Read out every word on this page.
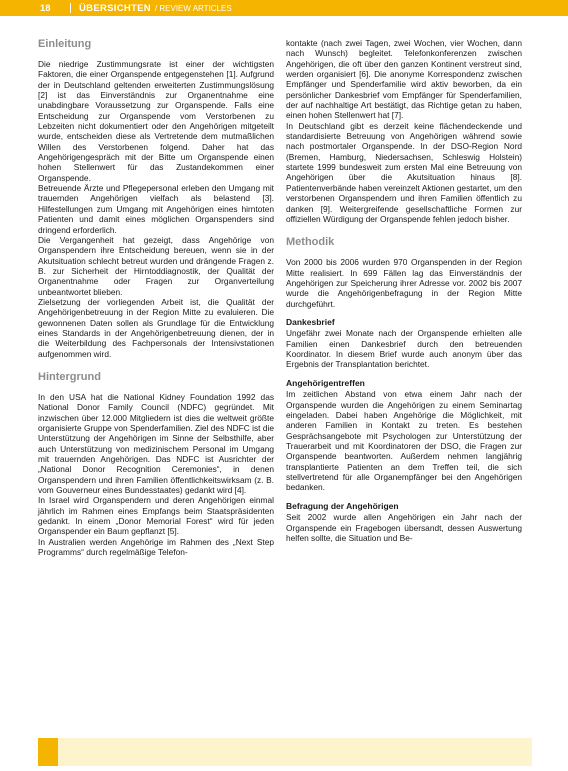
18	ÜBERSICHTEN / REVIEW ARTICLES
Einleitung

Die niedrige Zustimmungsrate ist einer der wichtigsten Faktoren, die einer Organspende entgegenstehen [1]. Aufgrund der in Deutschland geltenden erweiterten Zustimmungslösung [2] ist das Einverständnis zur Organentnahme eine unabdingbare Voraussetzung zur Organspende. Falls eine Entscheidung zur Organspende vom Verstorbenen zu Lebzeiten nicht dokumentiert oder den Angehörigen mitgeteilt wurde, entscheiden diese als Vertretende dem mutmaßlichen Willen des Verstorbenen folgend. Daher hat das Angehörigengespräch mit der Bitte um Organspende einen hohen Stellenwert für das Zustandekommen einer Organspende.

Betreuende Ärzte und Pflegepersonal erleben den Umgang mit trauernden Angehörigen vielfach als belastend [3]. Hilfestellungen zum Umgang mit Angehörigen eines hirntoten Patienten und damit eines möglichen Organspenders sind dringend erforderlich.

Die Vergangenheit hat gezeigt, dass Angehörige von Organspendern ihre Entscheidung bereuen, wenn sie in der Akutsituation schlecht betreut wurden und drängende Fragen z. B. zur Sicherheit der Hirntoddiagnostik, der Qualität der Organentnahme oder Fragen zur Organverteilung unbeantwortet blieben.

Zielsetzung der vorliegenden Arbeit ist, die Qualität der Angehörigenbetreuung in der Region Mitte zu evaluieren. Die gewonnenen Daten sollen als Grundlage für die Entwicklung eines Standards in der Angehörigenbetreuung dienen, der in die Weiterbildung des Fachpersonals der Intensivstationen aufgenommen wird.

Hintergrund

In den USA hat die National Kidney Foundation 1992 das National Donor Family Council (NDFC) gegründet. Mit inzwischen über 12.000 Mitgliedern ist dies die weltweit größte organisierte Gruppe von Spenderfamilien. Ziel des NDFC ist die Unterstützung der Angehörigen im Sinne der Selbsthilfe, aber auch Unterstützung von medizinischem Personal im Umgang mit trauernden Angehörigen. Das NDFC ist Ausrichter der „National Donor Recognition Ceremonies“, in denen Organspendern und ihren Familien öffentlichkeitswirksam (z. B. vom Gouverneur eines Bundesstaates) gedankt wird [4].

In Israel wird Organspendern und deren Angehörigen einmal jährlich im Rahmen eines Empfangs beim Staatspräsidenten gedankt. In einem „Donor Memorial Forest“ wird für jeden Organspender ein Baum gepflanzt [5].

In Australien werden Angehörige im Rahmen des „Next Step Programms“ durch regelmäßige Telefon-

kontakte (nach zwei Tagen, zwei Wochen, vier Wochen, dann nach Wunsch) begleitet. Telefonkonferenzen zwischen Angehörigen, die oft über den ganzen Kontinent verstreut sind, werden organisiert [6]. Die anonyme Korrespondenz zwischen Empfänger und Spenderfamilie wird aktiv beworben, da ein persönlicher Dankesbrief vom Empfänger für Spenderfamilien, der auf nachhaltige Art bestätigt, das Richtige getan zu haben, einen hohen Stellenwert hat [7].

In Deutschland gibt es derzeit keine flächendeckende und standardisierte Betreuung von Angehörigen während sowie nach postmortaler Organspende. In der DSO-Region Nord (Bremen, Hamburg, Niedersachsen, Schleswig Holstein) startete 1999 bundesweit zum ersten Mal eine Betreuung von Angehörigen über die Akutsituation hinaus [8]. Patientenverbände haben vereinzelt Aktionen gestartet, um den verstorbenen Organspendern und ihren Familien öffentlich zu danken [9]. Weitergreifende gesellschaftliche Formen zur offiziellen Würdigung der Organspende fehlen jedoch bisher.

Methodik

Von 2000 bis 2006 wurden 970 Organspenden in der Region Mitte realisiert. In 699 Fällen lag das Einverständnis der Angehörigen zur Speicherung ihrer Adresse vor. 2002 bis 2007 wurde die Angehörigenbefragung in der Region Mitte durchgeführt.

Dankesbrief

Ungefähr zwei Monate nach der Organspende erhielten alle Familien einen Dankesbrief durch den betreuenden Koordinator. In diesem Brief wurde auch anonym über das Ergebnis der Transplantation berichtet.

Angehörigentreffen

Im zeitlichen Abstand von etwa einem Jahr nach der Organspende wurden die Angehörigen zu einem Seminartag eingeladen. Dabei haben Angehörige die Möglichkeit, mit anderen Familien in Kontakt zu treten. Es bestehen Gesprächsangebote mit Psychologen zur Unterstützung der Trauerarbeit und mit Koordinatoren der DSO, die Fragen zur Organspende beantworten. Außerdem nehmen langjährig transplantierte Patienten an dem Treffen teil, die sich stellvertretend für alle Organempfänger bei den Angehörigen bedanken.

Befragung der Angehörigen

Seit 2002 wurde allen Angehörigen ein Jahr nach der Organspende ein Fragebogen übersandt, dessen Auswertung helfen sollte, die Situation und Be-
